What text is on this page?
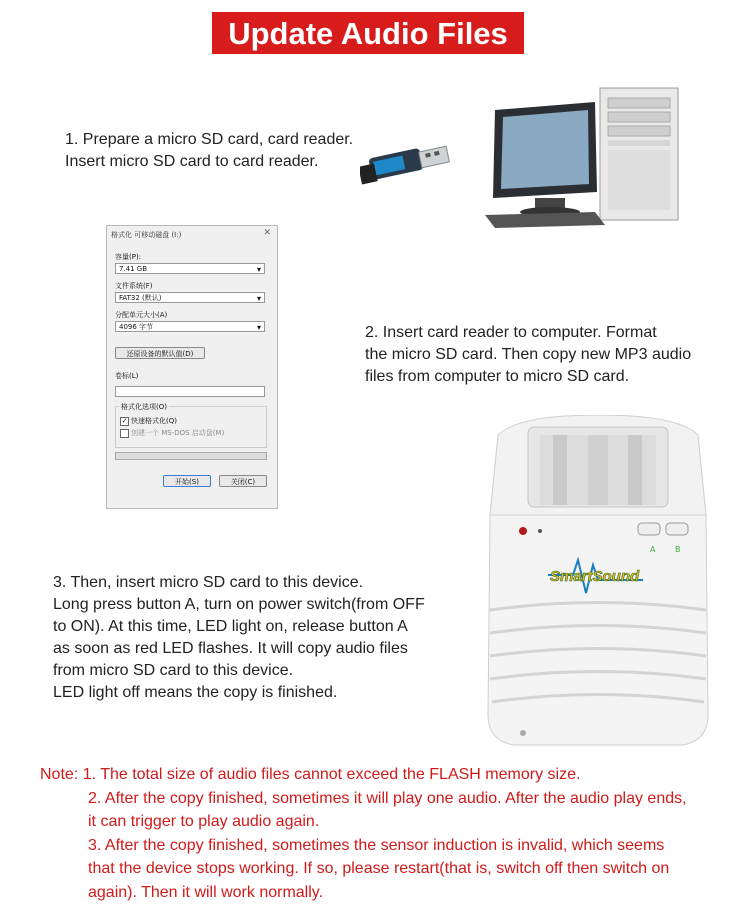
Update Audio Files
1. Prepare a micro SD card, card reader.
Insert micro SD card to card reader.
格式化 可移动磁盘 (I:)	✕
容量(P):
7.41 GB ▾
文件系统(F)
FAT32 (默认) ▾
分配单元大小(A)
4096 字节 ▾
还原设备的默认值(D)
卷标(L)
格式化选项(O)
✓ 快速格式化(Q)
创建一个 MS-DOS 启动盘(M)
开始(S)	关闭(C)
2. Insert card reader to computer. Format
the micro SD card. Then copy new MP3 audio
files from computer to micro SD card.
A B
SmartSound
3. Then, insert micro SD card to this device.
Long press button A, turn on power switch(from OFF
to ON). At this time, LED light on, release button A
as soon as red LED flashes. It will copy audio files
from micro SD card to this device.
LED light off means the copy is finished.
Note: 1. The total size of audio files cannot exceed the FLASH memory size.
2. After the copy finished, sometimes it will play one audio. After the audio play ends,
it can trigger to play audio again.
3. After the copy finished, sometimes the sensor induction is invalid, which seems
that the device stops working. If so, please restart(that is, switch off then switch on
again). Then it will work normally.
